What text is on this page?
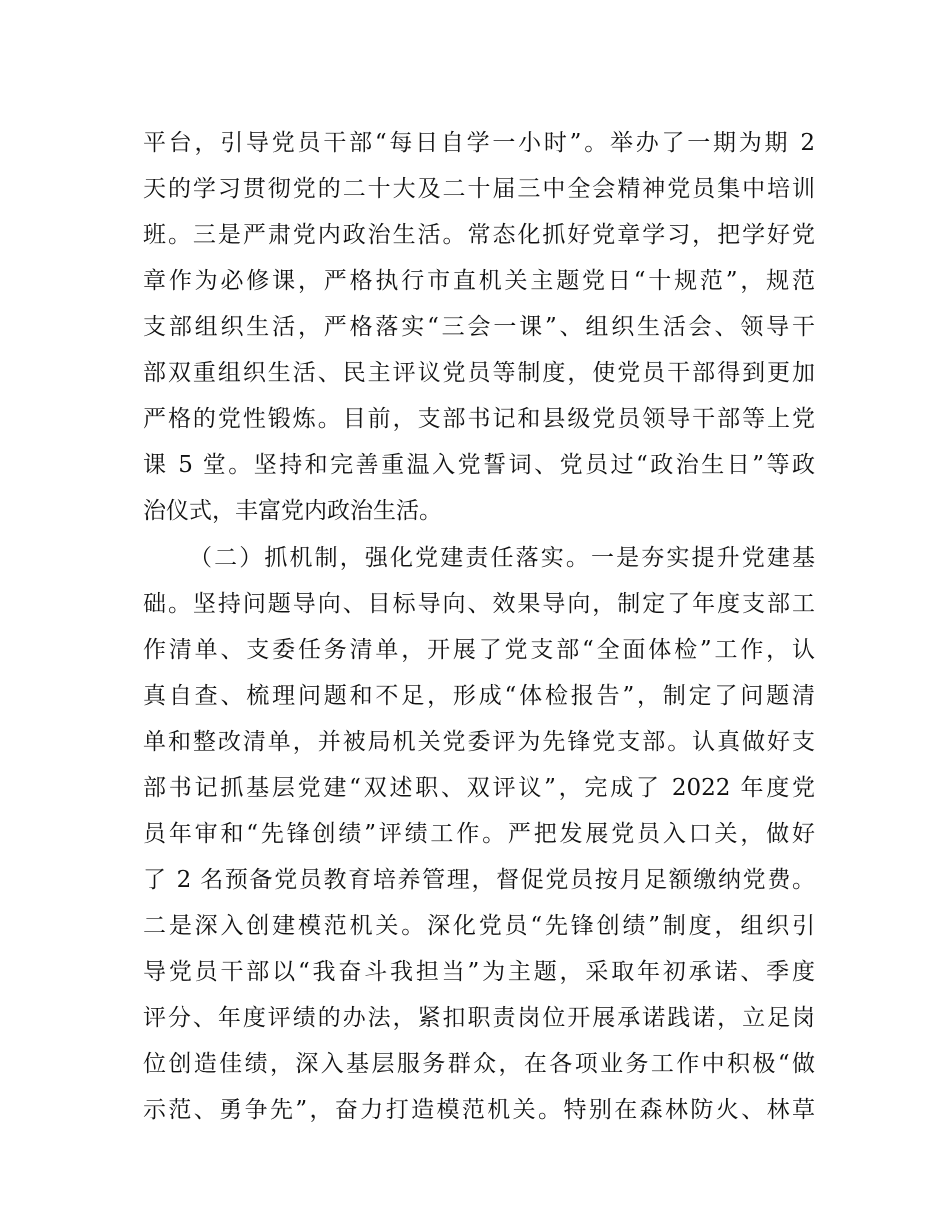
平台，引导党员干部“每日自学一小时”。举办了一期为期 2
天的学习贯彻党的二十大及二十届三中全会精神党员集中培训
班。三是严肃党内政治生活。常态化抓好党章学习，把学好党
章作为必修课，严格执行市直机关主题党日“十规范”，规范
支部组织生活，严格落实“三会一课”、组织生活会、领导干
部双重组织生活、民主评议党员等制度，使党员干部得到更加
严格的党性锻炼。目前，支部书记和县级党员领导干部等上党
课 5 堂。坚持和完善重温入党誓词、党员过“政治生日”等政
治仪式，丰富党内政治生活。
（二）抓机制，强化党建责任落实。一是夯实提升党建基
础。坚持问题导向、目标导向、效果导向，制定了年度支部工
作清单、支委任务清单，开展了党支部“全面体检”工作，认
真自查、梳理问题和不足，形成“体检报告”，制定了问题清
单和整改清单，并被局机关党委评为先锋党支部。认真做好支
部书记抓基层党建“双述职、双评议”，完成了 2022 年度党
员年审和“先锋创绩”评绩工作。严把发展党员入口关，做好
了 2 名预备党员教育培养管理，督促党员按月足额缴纳党费。
二是深入创建模范机关。深化党员“先锋创绩”制度，组织引
导党员干部以“我奋斗我担当”为主题，采取年初承诺、季度
评分、年度评绩的办法，紧扣职责岗位开展承诺践诺，立足岗
位创造佳绩，深入基层服务群众，在各项业务工作中积极“做
示范、勇争先”，奋力打造模范机关。特别在森林防火、林草
